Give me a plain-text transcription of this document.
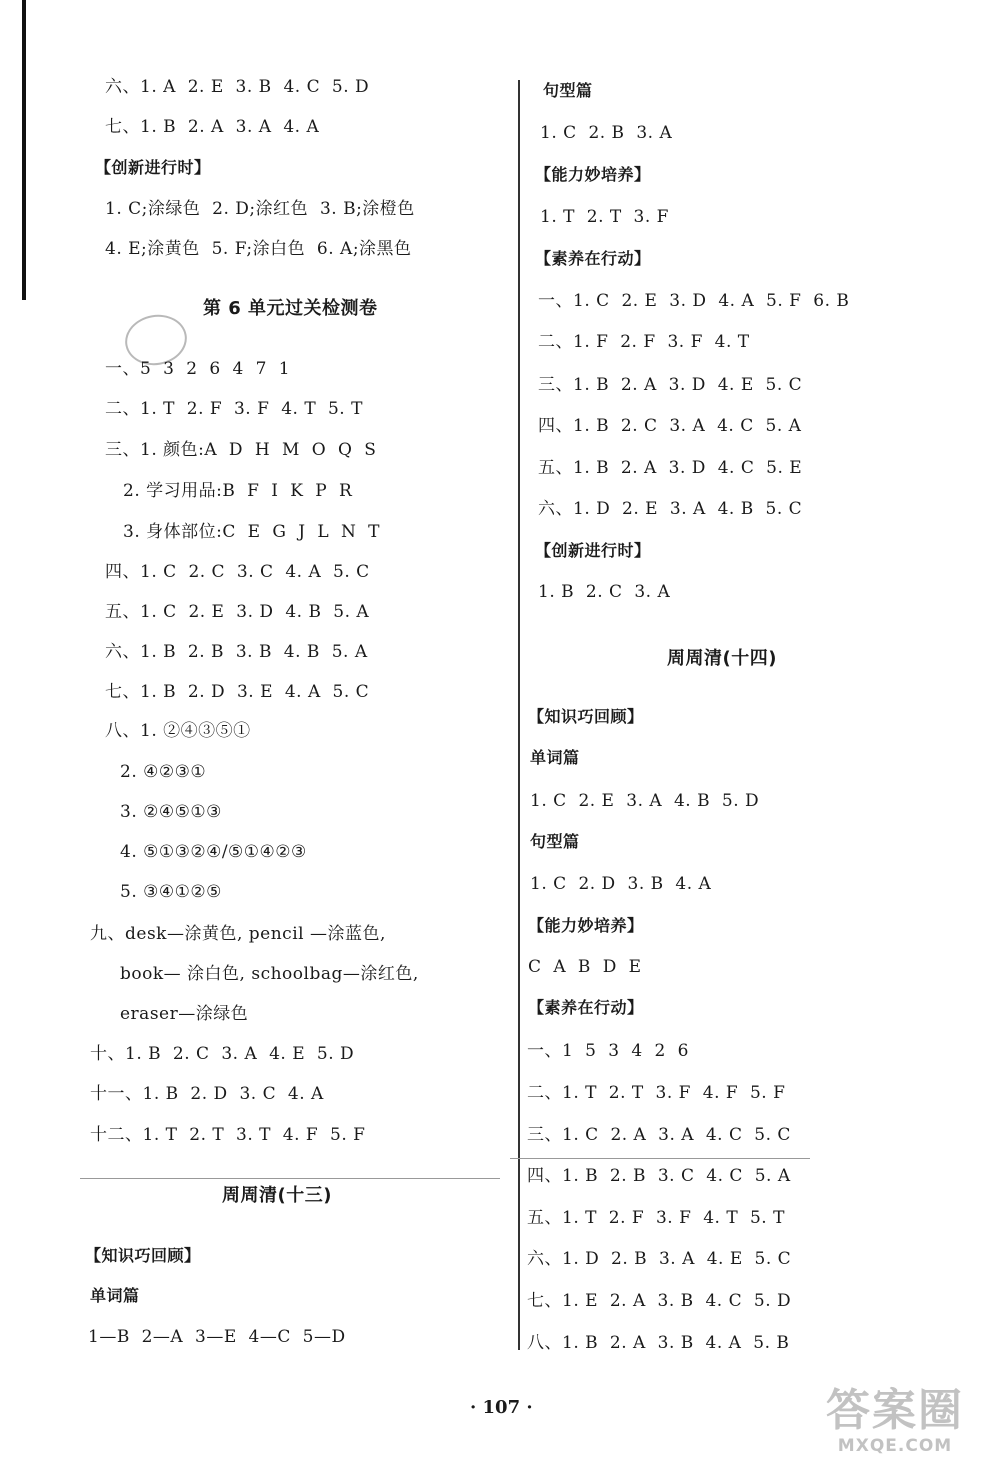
六、1. A  2. E  3. B  4. C  5. D
七、1. B  2. A  3. A  4. A
【创新进行时】
1. C;涂绿色  2. D;涂红色  3. B;涂橙色
4. E;涂黄色  5. F;涂白色  6. A;涂黑色
第 6 单元过关检测卷
一、5  3  2  6  4  7  1
二、1. T  2. F  3. F  4. T  5. T
三、1. 颜色:A  D  H  M  O  Q  S
2. 学习用品:B  F  I  K  P  R
3. 身体部位:C  E  G  J  L  N  T
四、1. C  2. C  3. C  4. A  5. C
五、1. C  2. E  3. D  4. B  5. A
六、1. B  2. B  3. B  4. B  5. A
七、1. B  2. D  3. E  4. A  5. C
八、1. ②④③⑤①
2. ④②③①
3. ②④⑤①③
4. ⑤①③②④/⑤①④②③
5. ③④①②⑤
九、desk—涂黄色, pencil —涂蓝色,
book— 涂白色, schoolbag—涂红色,
eraser—涂绿色
十、1. B  2. C  3. A  4. E  5. D
十一、1. B  2. D  3. C  4. A
十二、1. T  2. T  3. T  4. F  5. F
周周清(十三)
【知识巧回顾】
单词篇
1—B  2—A  3—E  4—C  5—D
句型篇
1. C  2. B  3. A
【能力妙培养】
1. T  2. T  3. F
【素养在行动】
一、1. C  2. E  3. D  4. A  5. F  6. B
二、1. F  2. F  3. F  4. T
三、1. B  2. A  3. D  4. E  5. C
四、1. B  2. C  3. A  4. C  5. A
五、1. B  2. A  3. D  4. C  5. E
六、1. D  2. E  3. A  4. B  5. C
【创新进行时】
1. B  2. C  3. A
周周清(十四)
【知识巧回顾】
单词篇
1. C  2. E  3. A  4. B  5. D
句型篇
1. C  2. D  3. B  4. A
【能力妙培养】
C  A  B  D  E
【素养在行动】
一、1  5  3  4  2  6
二、1. T  2. T  3. F  4. F  5. F
三、1. C  2. A  3. A  4. C  5. C
四、1. B  2. B  3. C  4. C  5. A
五、1. T  2. F  3. F  4. T  5. T
六、1. D  2. B  3. A  4. E  5. C
七、1. E  2. A  3. B  4. C  5. D
八、1. B  2. A  3. B  4. A  5. B
· 107 ·	答案圈
MXQE.COM
